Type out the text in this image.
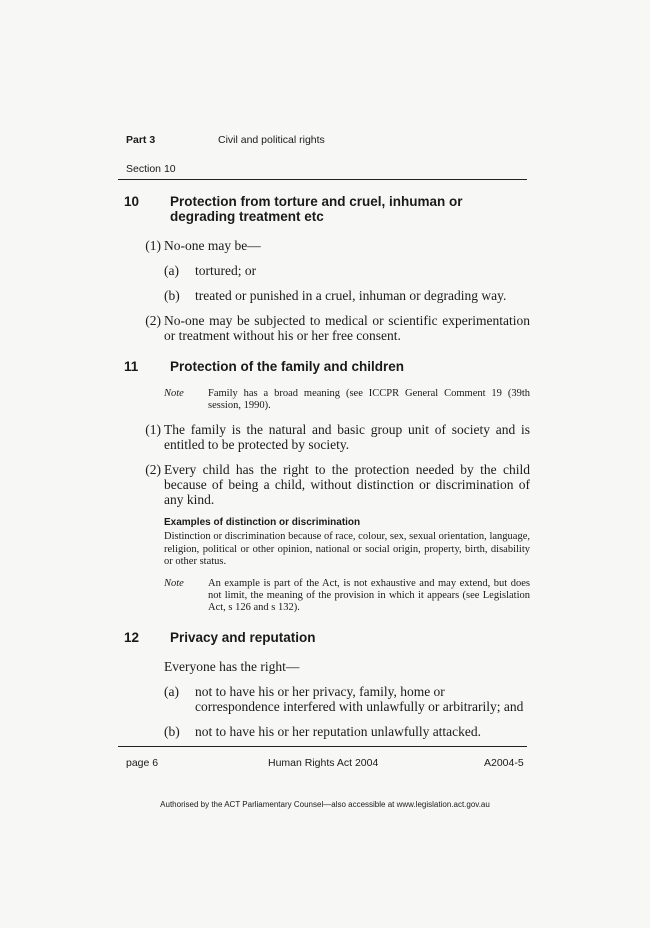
Part 3	Civil and political rights
Section 10
10	Protection from torture and cruel, inhuman or degrading treatment etc
(1) No-one may be—
(a)	tortured; or
(b)	treated or punished in a cruel, inhuman or degrading way.
(2) No-one may be subjected to medical or scientific experimentation or treatment without his or her free consent.
11	Protection of the family and children
Note	Family has a broad meaning (see ICCPR General Comment 19 (39th session, 1990).
(1) The family is the natural and basic group unit of society and is entitled to be protected by society.
(2) Every child has the right to the protection needed by the child because of being a child, without distinction or discrimination of any kind.
Examples of distinction or discrimination
Distinction or discrimination because of race, colour, sex, sexual orientation, language, religion, political or other opinion, national or social origin, property, birth, disability or other status.
Note	An example is part of the Act, is not exhaustive and may extend, but does not limit, the meaning of the provision in which it appears (see Legislation Act, s 126 and s 132).
12	Privacy and reputation
Everyone has the right—
(a)	not to have his or her privacy, family, home or correspondence interfered with unlawfully or arbitrarily; and
(b)	not to have his or her reputation unlawfully attacked.
page 6	Human Rights Act 2004	A2004-5
Authorised by the ACT Parliamentary Counsel—also accessible at www.legislation.act.gov.au
